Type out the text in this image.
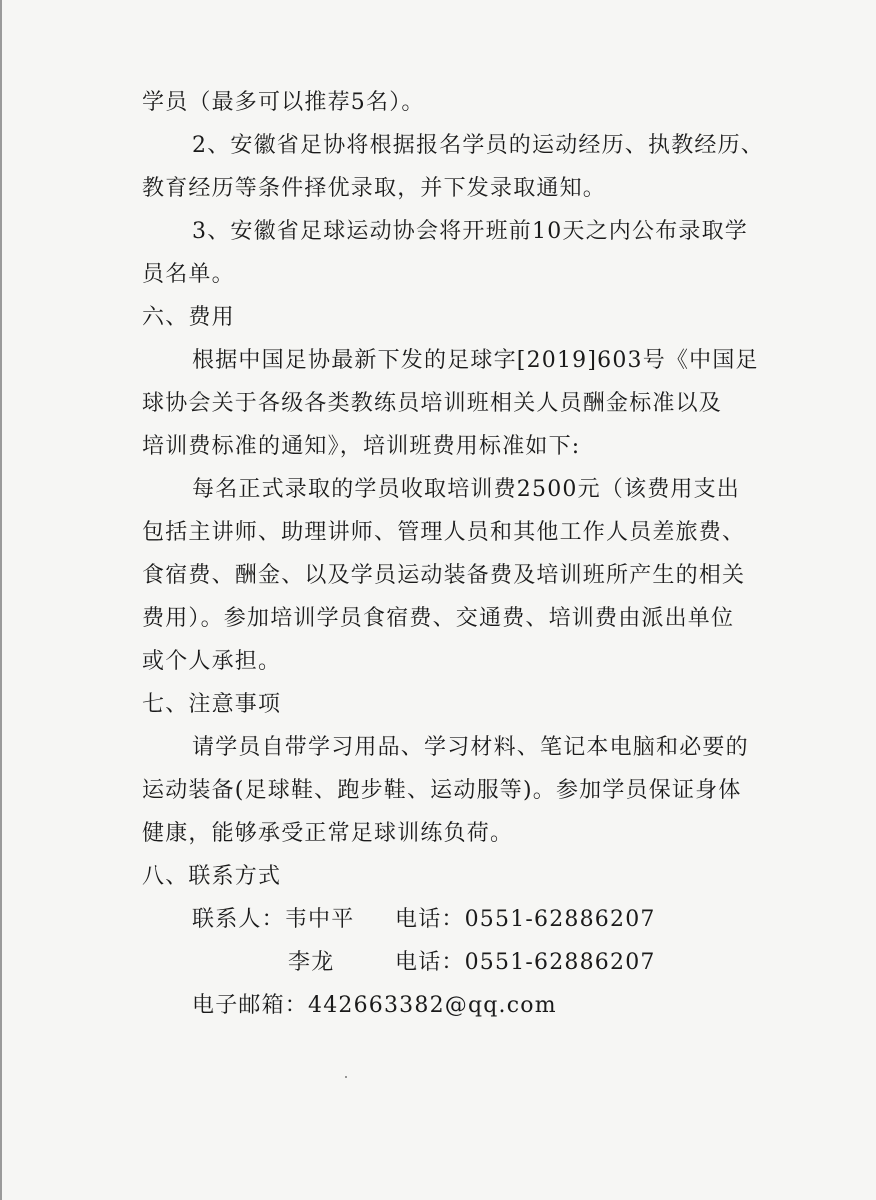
学员（最多可以推荐5名）。
2、安徽省足协将根据报名学员的运动经历、执教经历、
教育经历等条件择优录取，并下发录取通知。
3、安徽省足球运动协会将开班前10天之内公布录取学
员名单。
六、费用
根据中国足协最新下发的足球字[2019]603号《中国足
球协会关于各级各类教练员培训班相关人员酬金标准以及
培训费标准的通知》，培训班费用标准如下:
每名正式录取的学员收取培训费2500元（该费用支出
包括主讲师、助理讲师、管理人员和其他工作人员差旅费、
食宿费、酬金、以及学员运动装备费及培训班所产生的相关
费用）。参加培训学员食宿费、交通费、培训费由派出单位
或个人承担。
七、注意事项
请学员自带学习用品、学习材料、笔记本电脑和必要的
运动装备(足球鞋、跑步鞋、运动服等)。参加学员保证身体
健康，能够承受正常足球训练负荷。
八、联系方式
联系人：韦中平 电话：0551-62886207
李龙	电话：0551-62886207
电子邮箱：442663382@qq.com
